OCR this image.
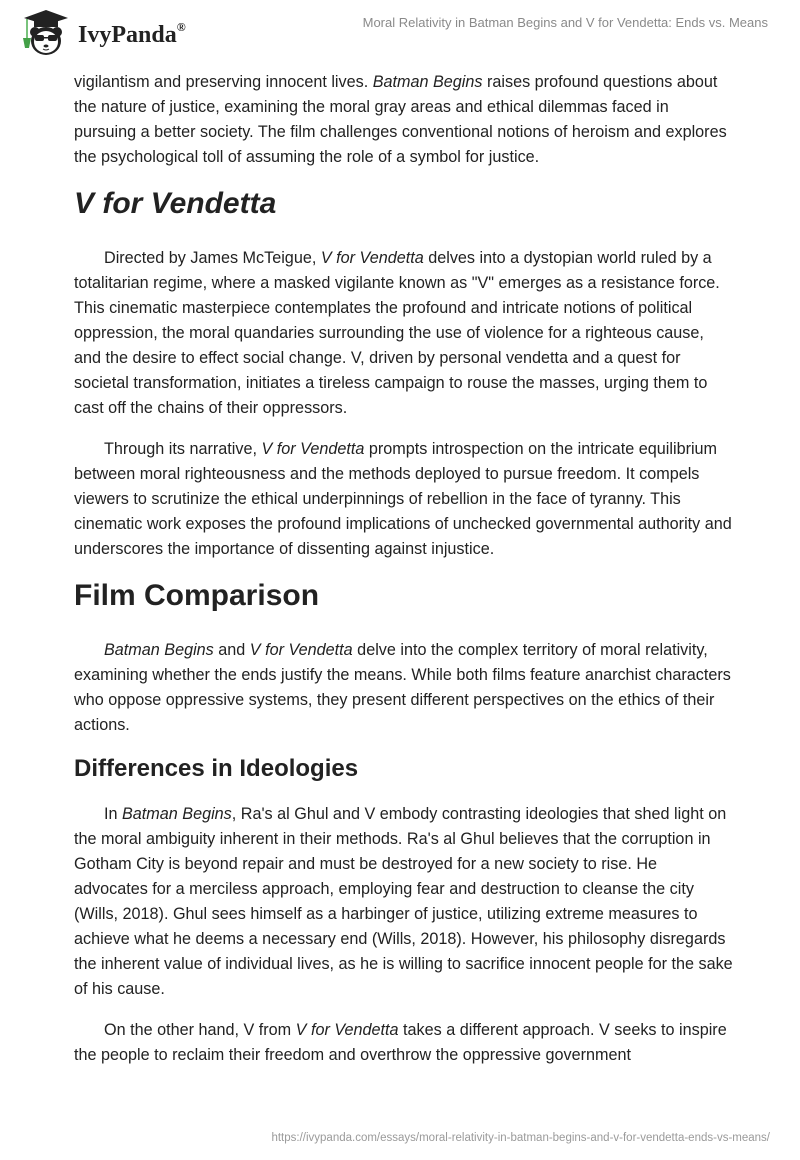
IvyPanda®	Moral Relativity in Batman Begins and V for Vendetta: Ends vs. Means

vigilantism and preserving innocent lives. Batman Begins raises profound questions about the nature of justice, examining the moral gray areas and ethical dilemmas faced in pursuing a better society. The film challenges conventional notions of heroism and explores the psychological toll of assuming the role of a symbol for justice.

V for Vendetta

Directed by James McTeigue, V for Vendetta delves into a dystopian world ruled by a totalitarian regime, where a masked vigilante known as "V" emerges as a resistance force. This cinematic masterpiece contemplates the profound and intricate notions of political oppression, the moral quandaries surrounding the use of violence for a righteous cause, and the desire to effect social change. V, driven by personal vendetta and a quest for societal transformation, initiates a tireless campaign to rouse the masses, urging them to cast off the chains of their oppressors.

Through its narrative, V for Vendetta prompts introspection on the intricate equilibrium between moral righteousness and the methods deployed to pursue freedom. It compels viewers to scrutinize the ethical underpinnings of rebellion in the face of tyranny. This cinematic work exposes the profound implications of unchecked governmental authority and underscores the importance of dissenting against injustice.

Film Comparison

Batman Begins and V for Vendetta delve into the complex territory of moral relativity, examining whether the ends justify the means. While both films feature anarchist characters who oppose oppressive systems, they present different perspectives on the ethics of their actions.

Differences in Ideologies

In Batman Begins, Ra's al Ghul and V embody contrasting ideologies that shed light on the moral ambiguity inherent in their methods. Ra's al Ghul believes that the corruption in Gotham City is beyond repair and must be destroyed for a new society to rise. He advocates for a merciless approach, employing fear and destruction to cleanse the city (Wills, 2018). Ghul sees himself as a harbinger of justice, utilizing extreme measures to achieve what he deems a necessary end (Wills, 2018). However, his philosophy disregards the inherent value of individual lives, as he is willing to sacrifice innocent people for the sake of his cause.

On the other hand, V from V for Vendetta takes a different approach. V seeks to inspire the people to reclaim their freedom and overthrow the oppressive government

https://ivypanda.com/essays/moral-relativity-in-batman-begins-and-v-for-vendetta-ends-vs-means/
